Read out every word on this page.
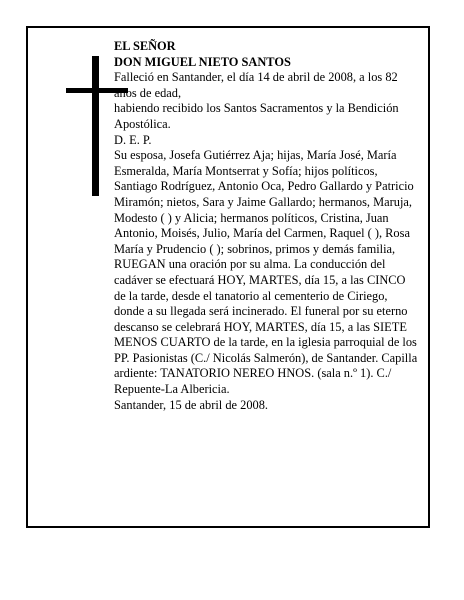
EL SEÑOR

DON MIGUEL NIETO SANTOS

Falleció en Santander, el día 14 de abril de 2008, a los 82 años de edad,

habiendo recibido los Santos Sacramentos y la Bendición Apostólica.

D. E. P.

Su esposa, Josefa Gutiérrez Aja; hijas, María José, María Esmeralda, María Montserrat y Sofía; hijos políticos, Santiago Rodríguez, Antonio Oca, Pedro Gallardo y Patricio Miramón; nietos, Sara y Jaime Gallardo; hermanos, Maruja, Modesto ( ) y Alicia; hermanos políticos, Cristina, Juan Antonio, Moisés, Julio, María del Carmen, Raquel ( ), Rosa María y Prudencio ( ); sobrinos, primos y demás familia, RUEGAN una oración por su alma. La conducción del cadáver se efectuará HOY, MARTES, día 15, a las CINCO de la tarde, desde el tanatorio al cementerio de Ciriego, donde a su llegada será incinerado. El funeral por su eterno descanso se celebrará HOY, MARTES, día 15, a las SIETE MENOS CUARTO de la tarde, en la iglesia parroquial de los PP. Pasionistas (C./ Nicolás Salmerón), de Santander. Capilla ardiente: TANATORIO NEREO HNOS. (sala n.º 1). C./ Repuente-La Albericia.

Santander, 15 de abril de 2008.
